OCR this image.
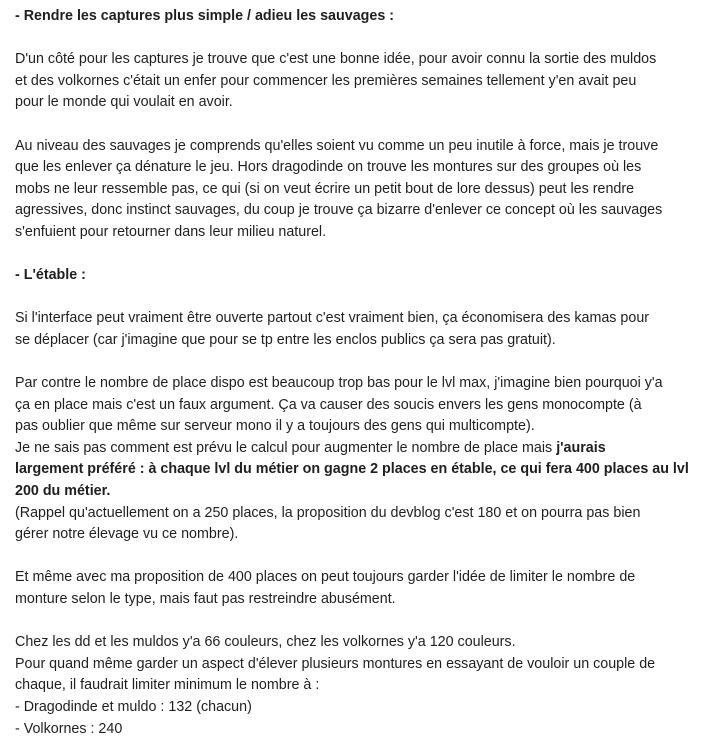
- Rendre les captures plus simple / adieu les sauvages :
D'un côté pour les captures je trouve que c'est une bonne idée, pour avoir connu la sortie des muldos
et des volkornes c'était un enfer pour commencer les premières semaines tellement y'en avait peu
pour le monde qui voulait en avoir.
Au niveau des sauvages je comprends qu'elles soient vu comme un peu inutile à force, mais je trouve
que les enlever ça dénature le jeu. Hors dragodinde on trouve les montures sur des groupes où les
mobs ne leur ressemble pas, ce qui (si on veut écrire un petit bout de lore dessus) peut les rendre
agressives, donc instinct sauvages, du coup je trouve ça bizarre d'enlever ce concept où les sauvages
s'enfuient pour retourner dans leur milieu naturel.
- L'étable :
Si l'interface peut vraiment être ouverte partout c'est vraiment bien, ça économisera des kamas pour
se déplacer (car j'imagine que pour se tp entre les enclos publics ça sera pas gratuit).
Par contre le nombre de place dispo est beaucoup trop bas pour le lvl max, j'imagine bien pourquoi y'a
ça en place mais c'est un faux argument. Ça va causer des soucis envers les gens monocompte (à
pas oublier que même sur serveur mono il y a toujours des gens qui multicompte).
Je ne sais pas comment est prévu le calcul pour augmenter le nombre de place mais j'aurais
largement préféré : à chaque lvl du métier on gagne 2 places en étable, ce qui fera 400 places au lvl
200 du métier.
(Rappel qu'actuellement on a 250 places, la proposition du devblog c'est 180 et on pourra pas bien
gérer notre élevage vu ce nombre).
Et même avec ma proposition de 400 places on peut toujours garder l'idée de limiter le nombre de
monture selon le type, mais faut pas restreindre abusément.
Chez les dd et les muldos y'a 66 couleurs, chez les volkornes y'a 120 couleurs.
Pour quand même garder un aspect d'élever plusieurs montures en essayant de vouloir un couple de
chaque, il faudrait limiter minimum le nombre à :
- Dragodinde et muldo : 132 (chacun)
- Volkornes : 240
